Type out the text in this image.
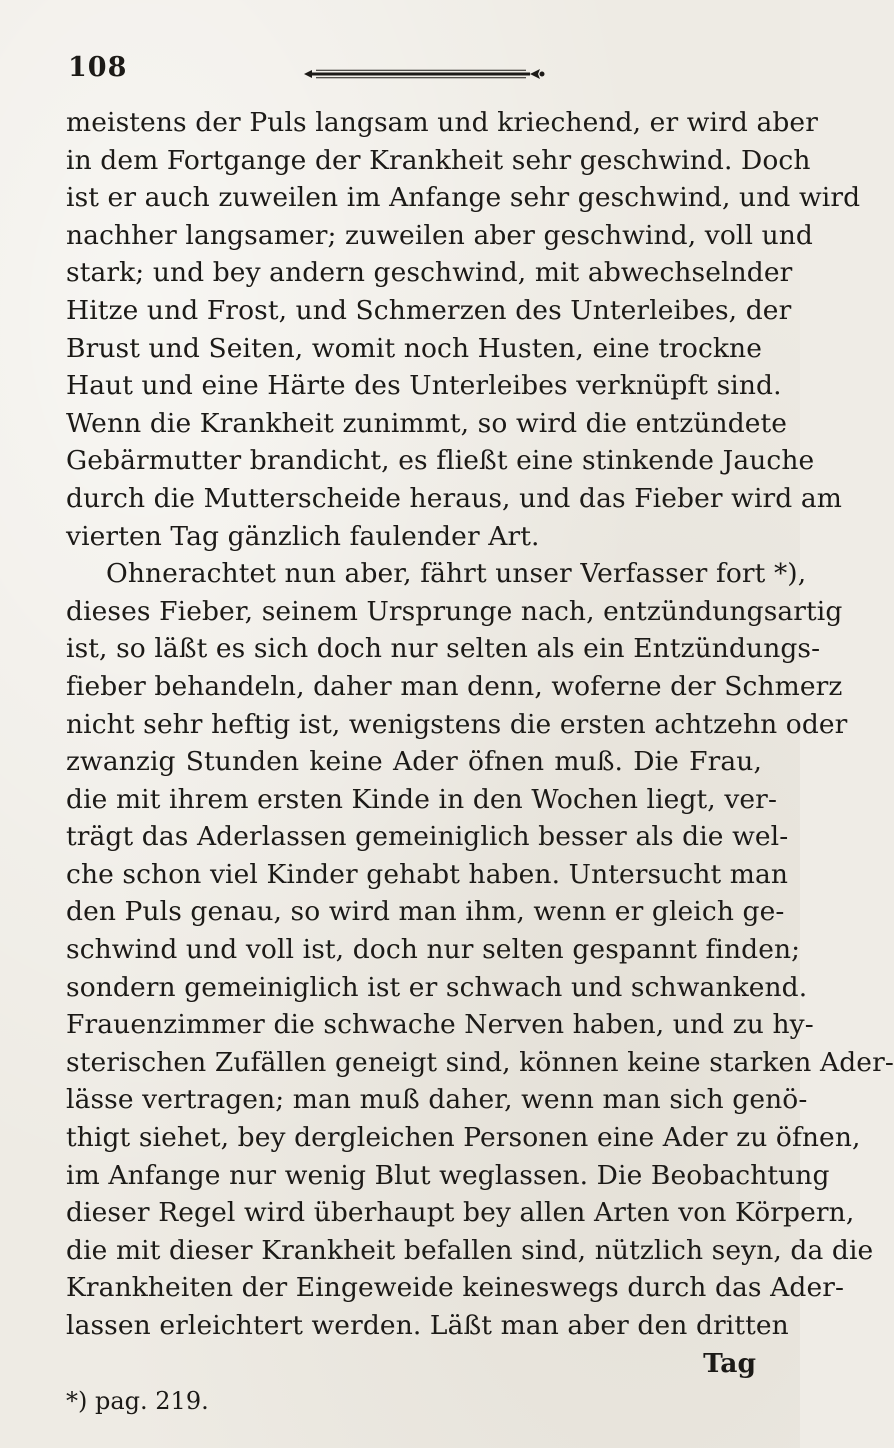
108
meistens der Puls langsam und kriechend, er wird aber
in dem Fortgange der Krankheit sehr geschwind. Doch
ist er auch zuweilen im Anfange sehr geschwind, und wird
nachher langsamer; zuweilen aber geschwind, voll und
stark; und bey andern geschwind, mit abwechselnder
Hitze und Frost, und Schmerzen des Unterleibes, der
Brust und Seiten, womit noch Husten, eine trockne
Haut und eine Härte des Unterleibes verknüpft sind.
Wenn die Krankheit zunimmt, so wird die entzündete
Gebärmutter brandicht, es fließt eine stinkende Jauche
durch die Mutterscheide heraus, und das Fieber wird am
vierten Tag gänzlich faulender Art.
Ohnerachtet nun aber, fährt unser Verfasser fort *),
dieses Fieber, seinem Ursprunge nach, entzündungsartig
ist, so läßt es sich doch nur selten als ein Entzündungs-
fieber behandeln, daher man denn, woferne der Schmerz
nicht sehr heftig ist, wenigstens die ersten achtzehn oder
zwanzig Stunden keine Ader öfnen muß. Die Frau,
die mit ihrem ersten Kinde in den Wochen liegt, ver-
trägt das Aderlassen gemeiniglich besser als die wel-
che schon viel Kinder gehabt haben. Untersucht man
den Puls genau, so wird man ihm, wenn er gleich ge-
schwind und voll ist, doch nur selten gespannt finden;
sondern gemeiniglich ist er schwach und schwankend.
Frauenzimmer die schwache Nerven haben, und zu hy-
sterischen Zufällen geneigt sind, können keine starken Ader-
lässe vertragen; man muß daher, wenn man sich genö-
thigt siehet, bey dergleichen Personen eine Ader zu öfnen,
im Anfange nur wenig Blut weglassen. Die Beobachtung
dieser Regel wird überhaupt bey allen Arten von Körpern,
die mit dieser Krankheit befallen sind, nützlich seyn, da die
Krankheiten der Eingeweide keineswegs durch das Ader-
lassen erleichtert werden. Läßt man aber den dritten
Tag
*) pag. 219.
